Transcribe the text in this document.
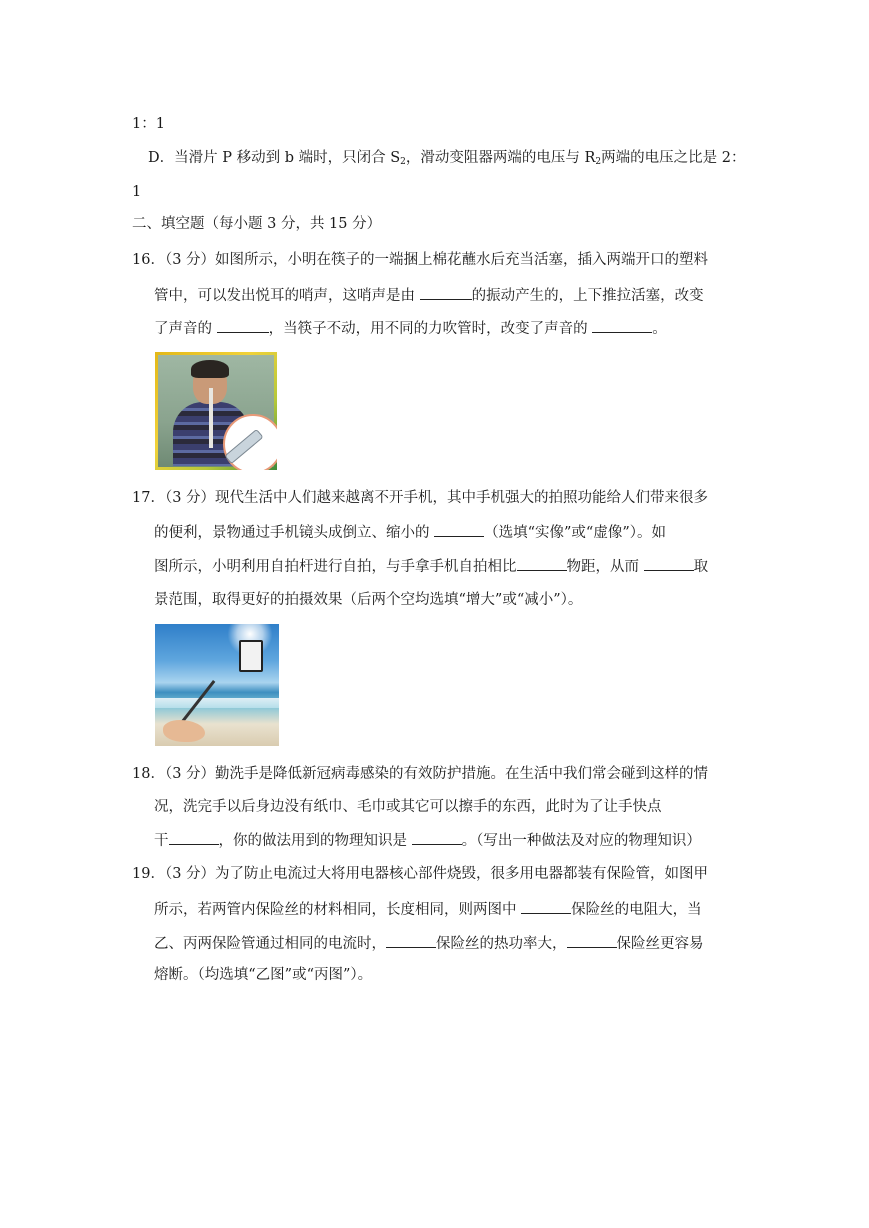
1：1
D．当滑片 P 移动到 b 端时，只闭合 $S_2$，滑动变阻器两端的电压与 $R_2$两端的电压之比是 2：
1
二、填空题（每小题 3 分，共 15 分）
16．（3 分）如图所示，小明在筷子的一端捆上棉花蘸水后充当活塞，插入两端开口的塑料
管中，可以发出悦耳的哨声，这哨声是由	的振动产生的，上下推拉活塞，改变
了声音的	，当筷子不动，用不同的力吹管时，改变了声音的	。
17．（3 分）现代生活中人们越来越离不开手机，其中手机强大的拍照功能给人们带来很多
的便利，景物通过手机镜头成倒立、缩小的	（选填“实像”或“虚像”）。如
图所示，小明利用自拍杆进行自拍，与手拿手机自拍相比	物距，从而	取
景范围，取得更好的拍摄效果（后两个空均选填“增大”或“减小”）。
18．（3 分）勤洗手是降低新冠病毒感染的有效防护措施。在生活中我们常会碰到这样的情
况，洗完手以后身边没有纸巾、毛巾或其它可以擦手的东西，此时为了让手快点
干	，你的做法用到的物理知识是	。（写出一种做法及对应的物理知识）
19．（3 分）为了防止电流过大将用电器核心部件烧毁，很多用电器都装有保险管，如图甲
所示，若两管内保险丝的材料相同，长度相同，则两图中	保险丝的电阻大，当
乙、丙两保险管通过相同的电流时，	保险丝的热功率大，	保险丝更容易
熔断。（均选填“乙图”或“丙图”）。
